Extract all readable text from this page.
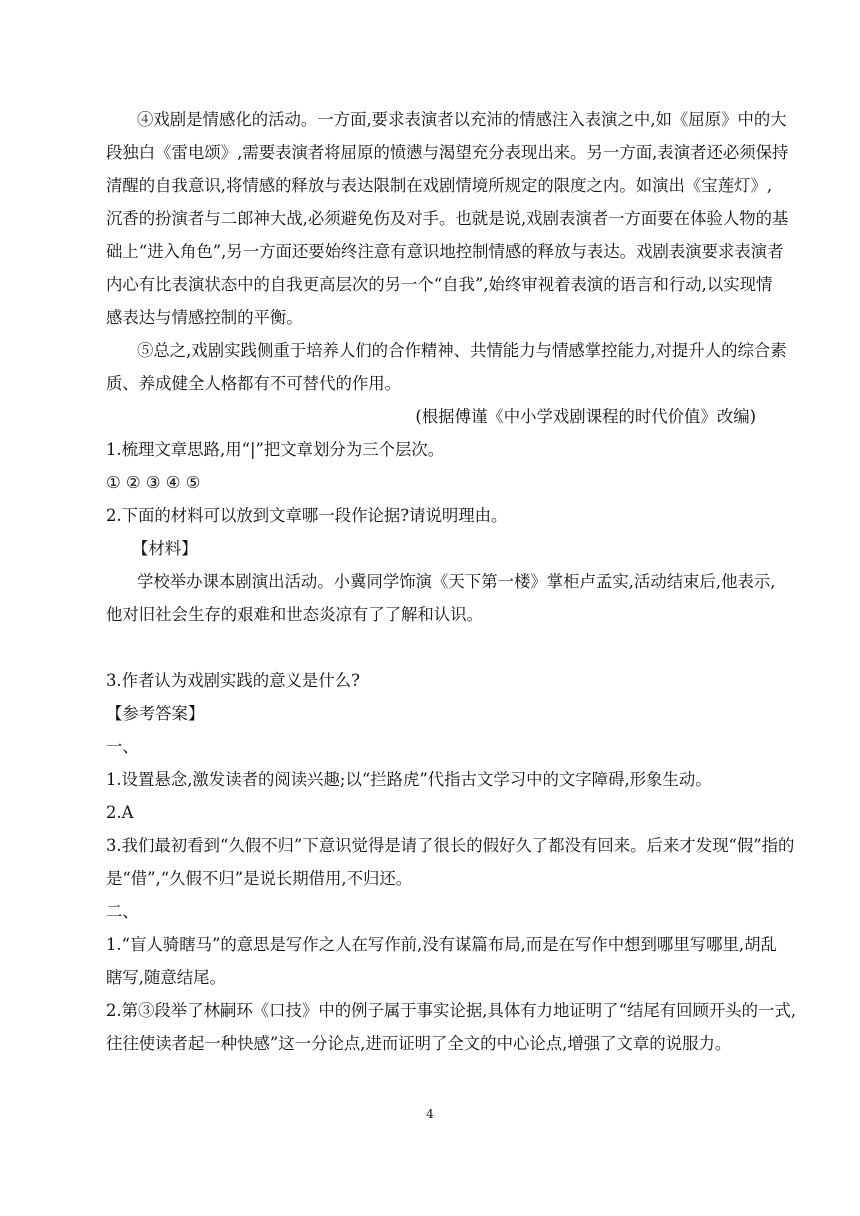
④戏剧是情感化的活动。一方面,要求表演者以充沛的情感注入表演之中,如《屈原》中的大
段独白《雷电颂》,需要表演者将屈原的愤懑与渴望充分表现出来。另一方面,表演者还必须保持
清醒的自我意识,将情感的释放与表达限制在戏剧情境所规定的限度之内。如演出《宝莲灯》,
沉香的扮演者与二郎神大战,必须避免伤及对手。也就是说,戏剧表演者一方面要在体验人物的基
础上“进入角色”,另一方面还要始终注意有意识地控制情感的释放与表达。戏剧表演要求表演者
内心有比表演状态中的自我更高层次的另一个“自我”,始终审视着表演的语言和行动,以实现情
感表达与情感控制的平衡。
⑤总之,戏剧实践侧重于培养人们的合作精神、共情能力与情感掌控能力,对提升人的综合素
质、养成健全人格都有不可替代的作用。
(根据傅谨《中小学戏剧课程的时代价值》改编)
1.梳理文章思路,用“|”把文章划分为三个层次。
① ② ③ ④ ⑤
2.下面的材料可以放到文章哪一段作论据?请说明理由。
【材料】
学校举办课本剧演出活动。小冀同学饰演《天下第一楼》掌柜卢孟实,活动结束后,他表示,
他对旧社会生存的艰难和世态炎凉有了了解和认识。
3.作者认为戏剧实践的意义是什么?
【参考答案】
一、
1.设置悬念,激发读者的阅读兴趣;以“拦路虎”代指古文学习中的文字障碍,形象生动。
2.A
3.我们最初看到“久假不归”下意识觉得是请了很长的假好久了都没有回来。后来才发现“假”指的
是“借”,“久假不归”是说长期借用,不归还。
二、
1.“盲人骑瞎马”的意思是写作之人在写作前,没有谋篇布局,而是在写作中想到哪里写哪里,胡乱
瞎写,随意结尾。
2.第③段举了林嗣环《口技》中的例子属于事实论据,具体有力地证明了“结尾有回顾开头的一式,
往往使读者起一种快感”这一分论点,进而证明了全文的中心论点,增强了文章的说服力。
4
